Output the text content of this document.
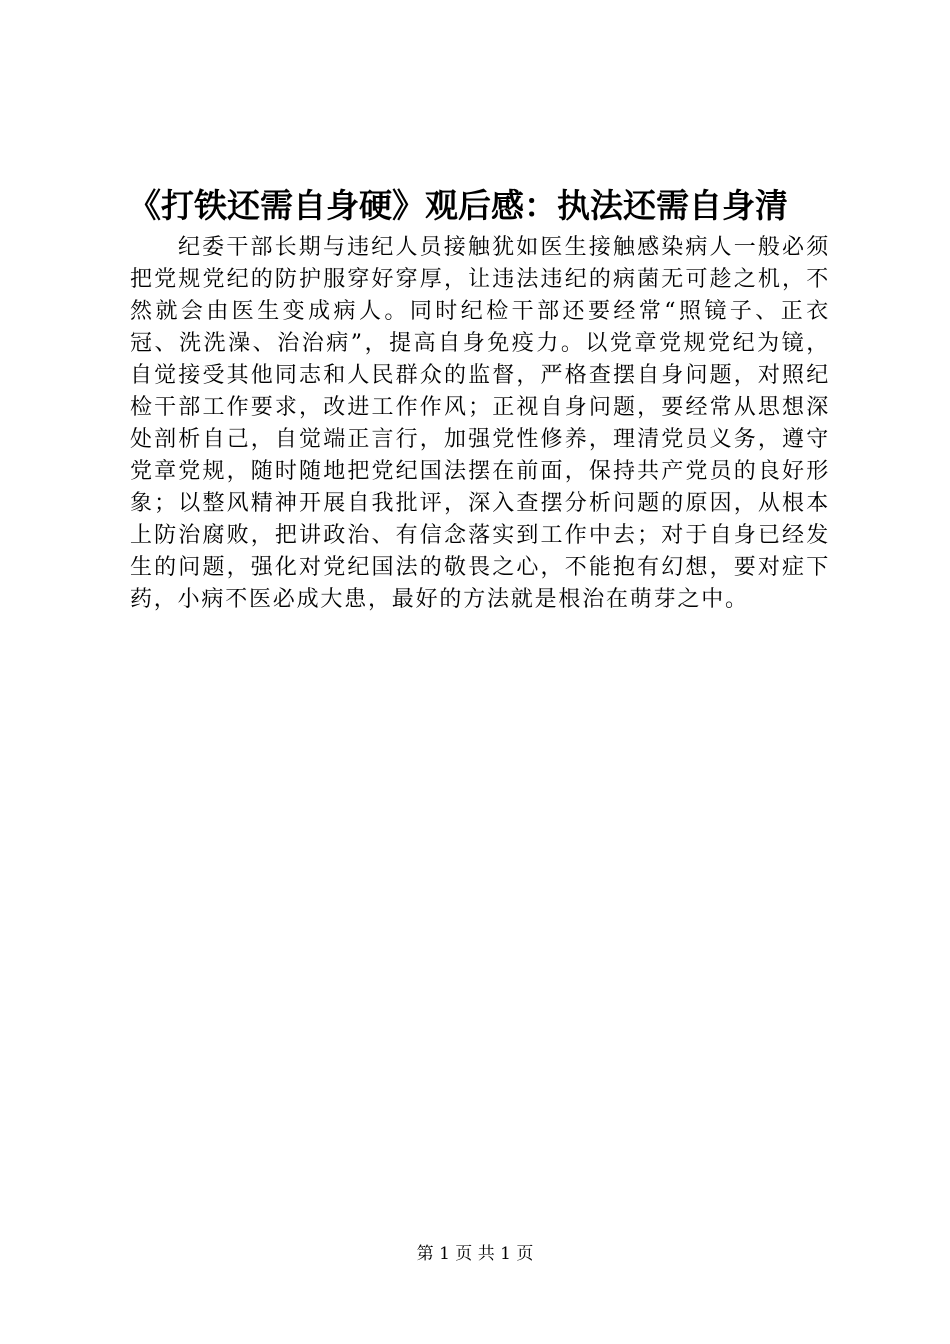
《打铁还需自身硬》观后感：执法还需自身清

纪委干部长期与违纪人员接触犹如医生接触感染病人一般必须把党规党纪的防护服穿好穿厚，让违法违纪的病菌无可趁之机，不然就会由医生变成病人。同时纪检干部还要经常“照镜子、正衣冠、洗洗澡、治治病”，提高自身免疫力。以党章党规党纪为镜，自觉接受其他同志和人民群众的监督，严格查摆自身问题，对照纪检干部工作要求，改进工作作风；正视自身问题，要经常从思想深处剖析自己，自觉端正言行，加强党性修养，理清党员义务，遵守党章党规，随时随地把党纪国法摆在前面，保持共产党员的良好形象；以整风精神开展自我批评，深入查摆分析问题的原因，从根本上防治腐败，把讲政治、有信念落实到工作中去；对于自身已经发生的问题，强化对党纪国法的敬畏之心，不能抱有幻想，要对症下药，小病不医必成大患，最好的方法就是根治在萌芽之中。

第 1 页 共 1 页
